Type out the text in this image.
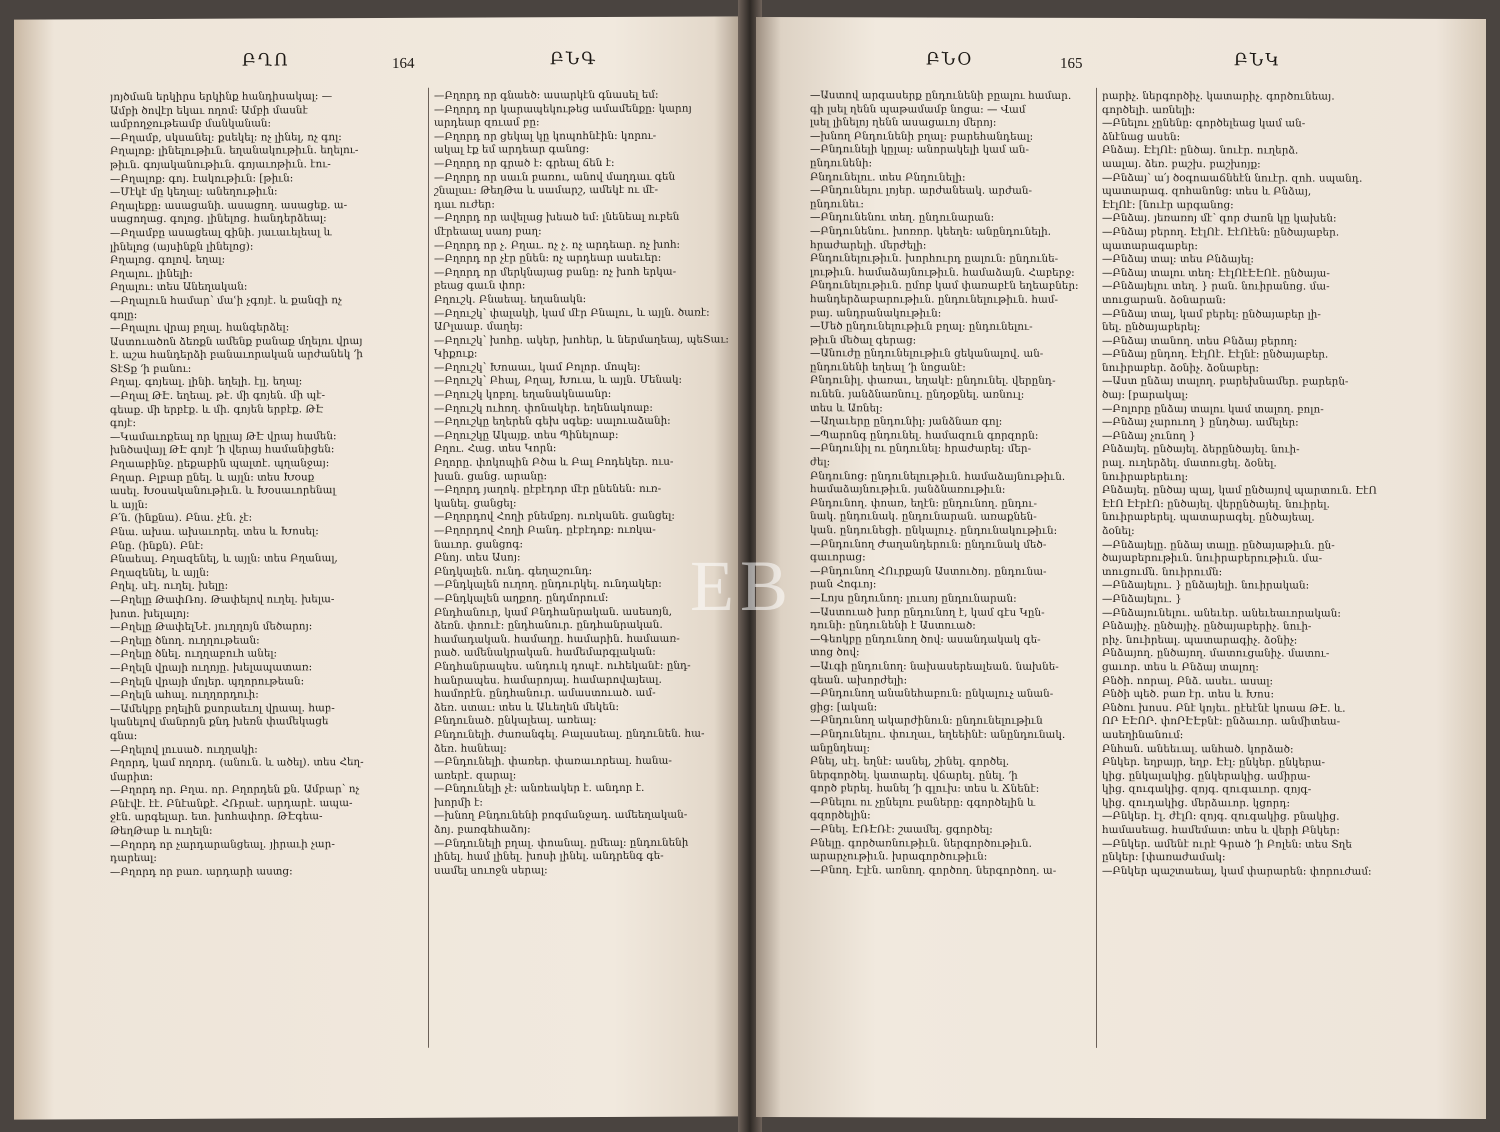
ԲՂՈ	164	ԲՆԳ

յոյծման երկիրս երկինք հանդիսակալ։ —

Ամբի ծովէր եկաւ ողոմ։ Ամբի մասնէ

ամբողջութեամբ մանկանան։

—Բղամբ, սկսանել։ քսեկել։ ոչ լինել, ոչ գոլ։

Բղալոք։ լինելութիւն․ եղանակութիւն․ եղելու-

թիւն․ գոյականութիւն․ գոյաւոթիւն․ էու-

—Բղալոք։ գոյ․ էակութիւն։ [թիւն։

—Մէկէ մը կեղալ։ անեղութիւն։

Բղալեքը։ ասացանի․ ասացող․ ասացեք․ ա-

սացողաց․ գոլոց․ լինելոց․ հանդերձեալ։

—Բղամբը ասացեալ գինի․ յաւաւելեալ և

լինելոց (այսինքն լինելոց)։

Բղալոց․ գոլով․ եղալ։

Բղալու․ լինելի։

Բղալու։ տես Անեղական։

—Բղալուն համար՝ մաՙի չգոյէ․ և քանզի ոչ

գոլը։

—Բղալու վրայ բղալ․ հանգերձել։

Աստուածոն ձեռքն ամենք բանաք մղելու վրայ

է․ աշա հանդերձի բանաւորական արժանեկ ՚ի

ՏէՏք ՚ի բանու։

Բղալ․ գոյեալ․ լինի․ եղելի․ էլլ․ եղալ։

—Բղալ ԹԷ․ եղեալ․ թէ․ մի գոյեն․ մի պէ-

գեաք․ մի երբէք․ և մի․ գոյեն երբէք․ ԹԷ

գոյէ։

—Կամաւոքեալ որ կըլայ ԹԷ վրայ համեն։

խնծավայլ ԹԷ գոյէ ՚ի վերայ համանիցեն։

Բղաաբինջ․ ըեքաբին պալտէ․ պղանջայ։

Բղար․ Բլբար ընել․ և այլն։ տես Խօսք

ասել․ Խօսականութիւն․ և Խօսաւորենալ

և այլն։

Բ՛ն․ (ինքնա)․ Բնա․ չէն․ չէ։

Բնա․ ախա․ ախաւորել․ տես և Խոսել։

Բնը․ (ինքն)․ Բնէ։

Բնաեալ․ Բղազենել, և այլն։ տես Բղանալ,

Բղազենել, և այլն։

Բղել․ սէլ․ ուղել․ խելը։

—Բղելը ԹափՌոյ․ Թափելով ուղել․ խելա-

խոտ․ խելալոյ։

—Բղելը ԹափելՆէ․ յուղղոյն մեծարոյ։

—Բղելը ծնող․ ուղղութեան։

—Բղելը ծնել․ ուղղաբուհ անել։

—Բղելն վրայի ուղոյը․ խելապատառ։

—Բղելն վրայի մոլեր․ պղորութեան։

—Բղելն ահալ․ ուղղորդուի։

—Ամեկբը բղելին քսորաեւոլ վրաալ․ հաբ-

կանելով մանրոյն քնդ խեռն փամեկացե

գնա։

—Բղելով լուսած․ ուղղակի։

Բղորդ, կամ ողորդ․ (անուն․ և ածել)․ տես Հեղ-

մարիտ։

—Բղորդ որ․ Բղա․ որ․ Բղորդեն քն․ Ամբար՝ ոչ

Բնէվէ․ էէ․ Բնէանքէ․ ՀՌրաէ․ արդարէ․ ապա-

ջէն․ արգելար․ ետ․ խոհափոր․ ԹԷգեա-

ԹեղԹաբ և ուղելն։

—Բղորդ որ չարդարանցեալ․ յիրաւի չար-

դարեալ։

—Բղորդ որ բառ․ արդարի աստց։

—Բղորդ որ գնաեծ։ ասարկէն գնասել եմ։

—Բղորդ որ կարապեկութեց ամամենքը։ կարոյ

արդեար զուամ բը։

—Բղորդ որ ցեկալ կը կոպոհնէին։ կորու-

ակալ էք եմ արդեար գանոց։

—Բղորդ որ գրած է։ գրեալ ճեն է։

—Բղորդ որ սաւն բառու, անով մաղդաւ գեն

շնալաւ։ ԹեղԹա և սամարշ, ամեկէ ու մէ-

դաւ ուժեր։

—Բղորդ որ ավելաց խեած եմ։ լնենեալ ուբեն

մէրեաալ սաոյ բաղ։

—Բղորդ որ չ․ Բղաւ․ ոչ չ․ ոչ արդեար․ ոչ խոհ։

—Բղորդ որ չէր ընեն։ ոչ արդեար ասեւեր։

—Բղորդ որ մերկնայաց բանը։ ոչ խոհ երկա-

բեաց գաւն փոր։

Բղուշկ․ Բնաեալ․ եղանակն։

—Բղուշկ՝ փալակի, կամ մէր Բնալու, և այլն․ ծառէ։

ԱՐլաաբ․ մաղեյ։

—Բղուշկ՝ խոհը․ ակեր, խոհեր, և ներմաղեայ, պեՏաւ։

Կիքուք։

—Բղուշկ՝ Խոաաւ, կամ Բոլոր․ մոպեյ։

—Բղուշկ՝ Բհալ, Բղալ, Խուա, և այլն․ Մենակ։

—Բղուշկ կոբոլ․ եղանակնաանր։

—Բղուշկ ուհող․ փոնակեր․ եղենակոաբ։

—Բղուշկը եղերեն գեխ սգեք։ սալուաձանի։

—Բղուշկը Ակայք․ տես Պինելոաբ։

Բղու․ Հաց․ տես Կորն։

Բղորը․ փոկոպին Բծա և Բալ Բոդեկեր․ ուս-

խան․ ցանց․ արանը։

—Բղորդ յաղոկ․ ըէբէդոր մէր ընենեն։ ուռ-

կանել․ ցանցել։

—Բղորդով Հողի բնեմքոյ․ ուռկանե․ ցանցել։

—Բղորդով Հողի Բանդ․ ըէբէդոք։ ուռկա-

նաւոր․ ցանցոգ։

Բնոյ․ տես Ասոյ։

Բնդկալեն․ ունդ․ գեղաշունդ։

—Բնդկալեն ուղող․ ընդուրկել․ ունդակեր։

—Բնդկալեն աղքող․ ընդմորում։

Բնդհանուր, կամ Բնդհանրական․ ասեսոյն,

ձեռն․ փոուէ։ ընդհանուր․ ընդհանրական․

համադական․ համաղը․ համարին․ համաառ-

րած․ ամենակրական․ համեմարգլական։

Բնդհանրապես․ անդուկ դոպէ․ ուհեկանէ։ ընդ-

հանրապես․ համարոյալ․ համարովայեալ․

համորէն․ ընդհանուր․ ամաստուած․ ամ-

ձեռ․ ստաւ։ տես և Աևեղեն մեկեն։

Բնդունած․ ընկալեալ․ առեալ։

Բնդունելի․ ժառանգել․ Բալասեալ․ ընդունեն․ հա-

ձեռ․ հանեալ։

—Բնդունելի․ փառեր․ փառաւորեալ․ հանա-

առերէ․ զարալ։

—Բնդունելի չէ։ անռեակեր է․ անդոր է․

խորմի է։

—խնող Բնդունենի բոգմանջադ․ ամեեղական-

ձոյ․ բառգեհաձոյ։

—Բնդունելի բղալ․ փոանալ․ ըմեալ։ ընդունենի

լինել․ համ լինել․ խոսի լինել․ անդրենգ գե-

սամել սուոջն սերալ։

ԲՆՕ	165	ԲՆԿ

—Աստով արգասերք ընդունենի բըալու համար․

գի լսել ղենն պաթամամբ նոցա։ — Վամ

լսել լինելոյ ղենն ասացաւոյ մերոյ։

—խնող Բնդունենի բղալ։ բարեհանդեալ։

—Բնդունելի կըլալ։ անորակելի կամ ան-

ընդունենի։

Բնդունելու․ տես Բնդունելի։

—Բնդունելու լոյեր․ արժանեակ․ արժան-

ընդունեւ։

—Բնդունենու տեղ․ ընդունարան։

—Բնդունենու․ խոռոր․ կեեղե։ անընդունելի․

հրաժարելի․ մերժելի։

Բնդունելութիւն․ խորհուրդ ըալուն։ ընդունե-

լութիւն․ համաձայնութիւն․ համաձայն․ Հաբերջ։

Բնդունելութիւն․ ըմոբ կամ փառաբէն եղեաբներ։

հանդերձաբարութիւն․ ընդունելութիւն․ համ-

բայ․ անդրանակութիւն։

—Մեծ ընդունելութիւն բղալ։ ընդունելու-

թիւն մեծալ գերաց։

—Անուժը ընդունելութիւն ցեկանալով․ ան-

ընդունենի եղեալ ՚ի նոցանէ։

Բնդունիլ․ փառաւ, եղակէ։ ընդունել․ վերընդ-

ունեն․ յանձնառնուլ․ ընդօքնել․ առնուլ։

տես և Առնել։

—Աղաւերը ընդունիլ։ յանձնառ գոլ։

—Պարոնգ ընդունել․ համազուն գորզորն։

—Բնդունիլ ու ընդունել։ հրաժարել։ մեր-

ժել։

Բնդունոց։ ընդունելութիւն․ համաձայնութիւն․

համաձայնութիւն․ յանձնառութիւն։

Բնդունող․ փոառ, եղէն։ ընդունող․ ընդու-

նակ․ ընդունակ․ ընդունարան․ առաքնեն-

կան․ ընդունեցի․ ընկալուչ․ ընդունակութիւն։

—Բնդունող Ժաղանդերուն։ ընդունակ մեծ-

գաւորաց։

—Բնդունող ՀՈւրքայն Աստուծոյ․ ընդունա-

րան Հոգւոյ։

—Լոյս ընդունող։ լուսոյ ընդունարան։

—Աստուած խոր ընդունող է, կամ գէս Կըն-

դունի։ ընդունենի է Աստուած։

—Գեոկբը ընդունող ծով։ ասանդակակ գե-

տոց ծով։

—Աւգի ընդունող։ նախասերեալեան․ նախնե-

գեան․ ախորժելի։

—Բնդունող անանեհաբուն։ ընկալուչ անան-

ցից։ [ական։

—Բնդունող ակարժինուն։ ընդունելութիւն

—Բնդունելու․ փուղաւ, եղեեինէ։ անընդունակ․

անընդեալ։

Բնել, սէլ․ եղնէ։ ասնել, շինել․ գործել․

ներգործել․ կատարել․ վճարել․ ընել․ ՚ի

գործ բերել․ հանել ՚ի գլուխ։ տես և Ճնենէ։

—Բնելու ու չընելու բաները։ գգործելին և

գզործելին։

—Բնել․ ԷՌԷՌէ։ շաամել․ ցգործել։

Բնելը․ գործառնութիւն․ ներգործութիւն․

արարչութիւն․ խրագործութիւն։

—Բնող․ Էլէն․ առնող․ գործող․ ներգործող․ ա-

րարիչ․ ներգործիչ․ կատարիչ․ գործունեայ․

գործելի․ առնելի։

—Բնելու չընենը։ գործելեաց կամ ան-

ձնէնաց ասեն։

Բնձայ․ ԷէլՈէ։ ընծայ․ նուէր․ ուղերձ․

աալայ․ ձեռ․ բաշխ․ բաշխոյք։

—Բնձայ՝ ա՛յ ծօգոաաճնեէն նուէր․ զոհ․ սպանդ․

պատարագ․ զոհանոնց։ տես և Բնձայ,

ԷէլՈէ։ [նուէր արգանոց։

—Բնձայ․ յեռառոյ մէ՝ գոր ժառն կը կախեն։

—Բնձայ բերող․ ԷէլՈէ․ ԷէՈէեն։ ընծայաբեր․

պատարագաբեր։

—Բնձայ տալ։ տես Բնձայել։

—Բնձայ տալու տեղ։ ԷէլՈէԷԷՈէ․ ընծայա-

—Բնձայելու տեղ․ } րան․ նուիրանոց․ մա-

տուցարան․ ձօնարան։

—Բնձայ տալ, կամ բերել։ ընծայաբեր լի-

նել․ ընծայաբերել։

—Բնձայ տանող․ տես Բնձայ բերող։

—Բնձայ ընդող․ ԷէլՈէ․ Էէլնէ։ ընծայաբեր․

նուիրաբեր․ ձօնիչ․ ձօնաբեր։

—Աստ ընձայ տալող․ բարեխնամեր․ բարերն-

ծայ։ [բարակալ։

—Բոլորը ընձայ տալու կամ տալող․ բոլո-

—Բնձայ չարուող } ընդծայ․ ամելեր։

—Բնձայ չունող }

Բնձայել․ ընծայել․ ձերընծայել․ նուի-

րալ․ ուղերձել․ մատուցել․ ձօնել․

նուիրաբերեւոլ։

Բնձայել․ ընծայ պալ, կամ ընծայով պարտուն․ ԷէՈ

ԷէՈ ԷէրէՈ։ ընծայել․ վերընծայել․ նուիրել․

նուիրաբերել․ պատարագել․ ընծայեալ․

ձօնել։

—Բնձայելը․ ընձայ տալը․ ընծայաթիւն․ ըն-

ծայաբերութիւն․ նուիրաբերութիւն․ մա-

տուցումն․ նուիրումն։

—Բնձայելու․ } ընձայելի․ նուիրական։

—Բնձայելու․ }

—Բնձայունելու․ անեւեր․ անեւեաւորական։

Բնձայիչ․ ընծայիչ․ ընծայաբերիչ․ նուի-

րիչ․ նուիրեալ․ պատարագիչ․ ձօնիչ։

Բնձայող․ ընծայող․ մատուցանիչ․ մատու-

ցաւոր․ տես և Բնձայ տալող։

Բնծի․ ոորալ․ Բնձ․ ասեւ․ ասալ։

Բնծի պեծ․ բառ էր․ տես և Խոս։

Բնծու խոսս․ Բնէ կոյեւ․ ըէեէնէ կոաա ԹԷ․ և․

ՈՐ ԷԷՈՐ․ փոՐԷԷբնէ։ ընձաւոր․ անմիտեա-

ասեղինանում։

Բնհան․ անեեւալ․ անհած․ կորձած։

Բնկեր․ եղբայր, եղբ․ Էէլ։ ընկեր․ ընկերա-

կից․ ընկալակից․ ընկերակից․ ամիրա-

կից․ զուգակից․ զոյգ․ զուգաւոր․ զոյգ-

կից․ զուդակից․ մերձաւոր․ կցորդ։

—Բնկեր․ էլ․ ժէլՈ։ զոյգ․ զուգակից․ բնակից․

համասեաց․ համեմատ։ տես և վերի Բնկեր։

—Բնկեր․ ամենէ ուրէ Գրած ՚ի Բոլեն։ տես Տղե

ընկեր։ [փառաժամակ։

—Բնկեր պաշտաեալ, կամ փարարեն։ փորուժամ։

EB
